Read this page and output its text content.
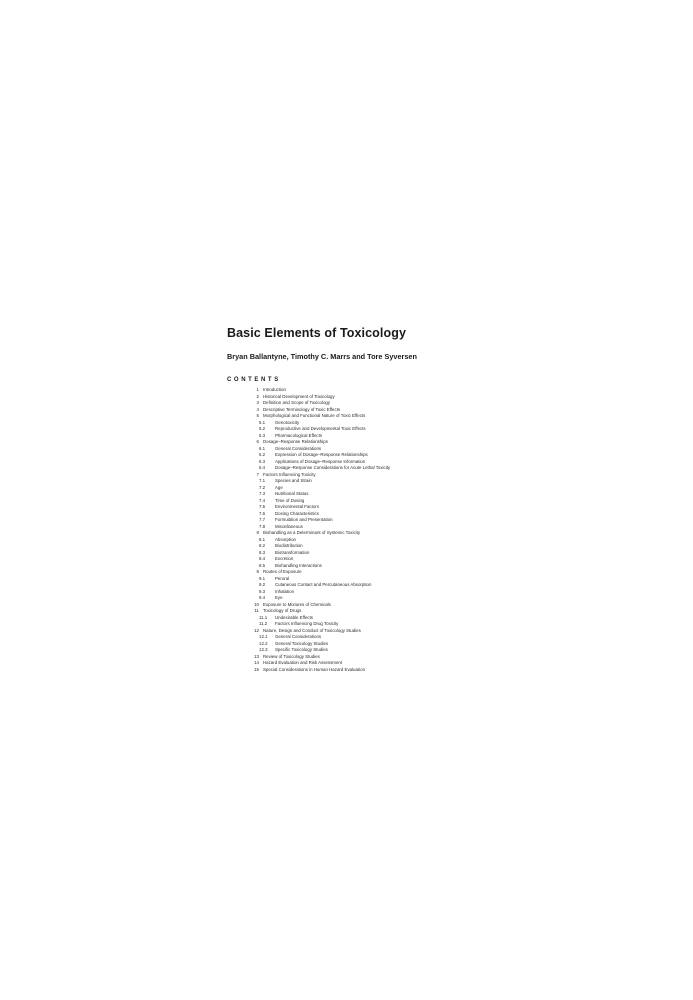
Basic Elements of Toxicology
Bryan Ballantyne, Timothy C. Marrs and Tore Syversen
CONTENTS
1 Introduction
2 Historical Development of Toxicology
3 Definition and Scope of Toxicology
4 Descriptive Terminology of Toxic Effects
5 Morphological and Functional Nature of Toxic Effects
5.1	Genotoxicity
5.2	Reproductive and Developmental Toxic Effects
5.3	Pharmacological Effects
6 Dosage–Response Relationships
6.1	General Considerations
6.2	Expression of Dosage–Response Relationships
6.3	Applications of Dosage–Response Information
6.4	Dosage–Response Considerations for Acute Lethal Toxicity
7 Factors Influencing Toxicity
7.1	Species and Strain
7.2	Age
7.3	Nutritional Status
7.4	Time of Dosing
7.5	Environmental Factors
7.6	Dosing Characteristics
7.7	Formulation and Presentation
7.8	Miscellaneous
8 Biohandling as a Determinant of Systemic Toxicity
8.1	Absorption
8.2	Biodistribution
8.3	Biotransformation
8.4	Excretion
8.5	Biohandling Interactions
9 Routes of Exposure
9.1	Peroral
9.2	Cutaneous Contact and Percutaneous Absorption
9.3	Inhalation
9.4	Eye
10 Exposure to Mixtures of Chemicals
11 Toxicology of Drugs
11.1	Undesirable Effects
11.2	Factors Influencing Drug Toxicity
12 Nature, Design and Conduct of Toxicology Studies
12.1	General Considerations
12.2	General Toxicology Studies
12.3	Specific Toxicology Studies
13 Review of Toxicology Studies
14 Hazard Evaluation and Risk Assessment
15 Special Considerations in Human Hazard Evaluation
